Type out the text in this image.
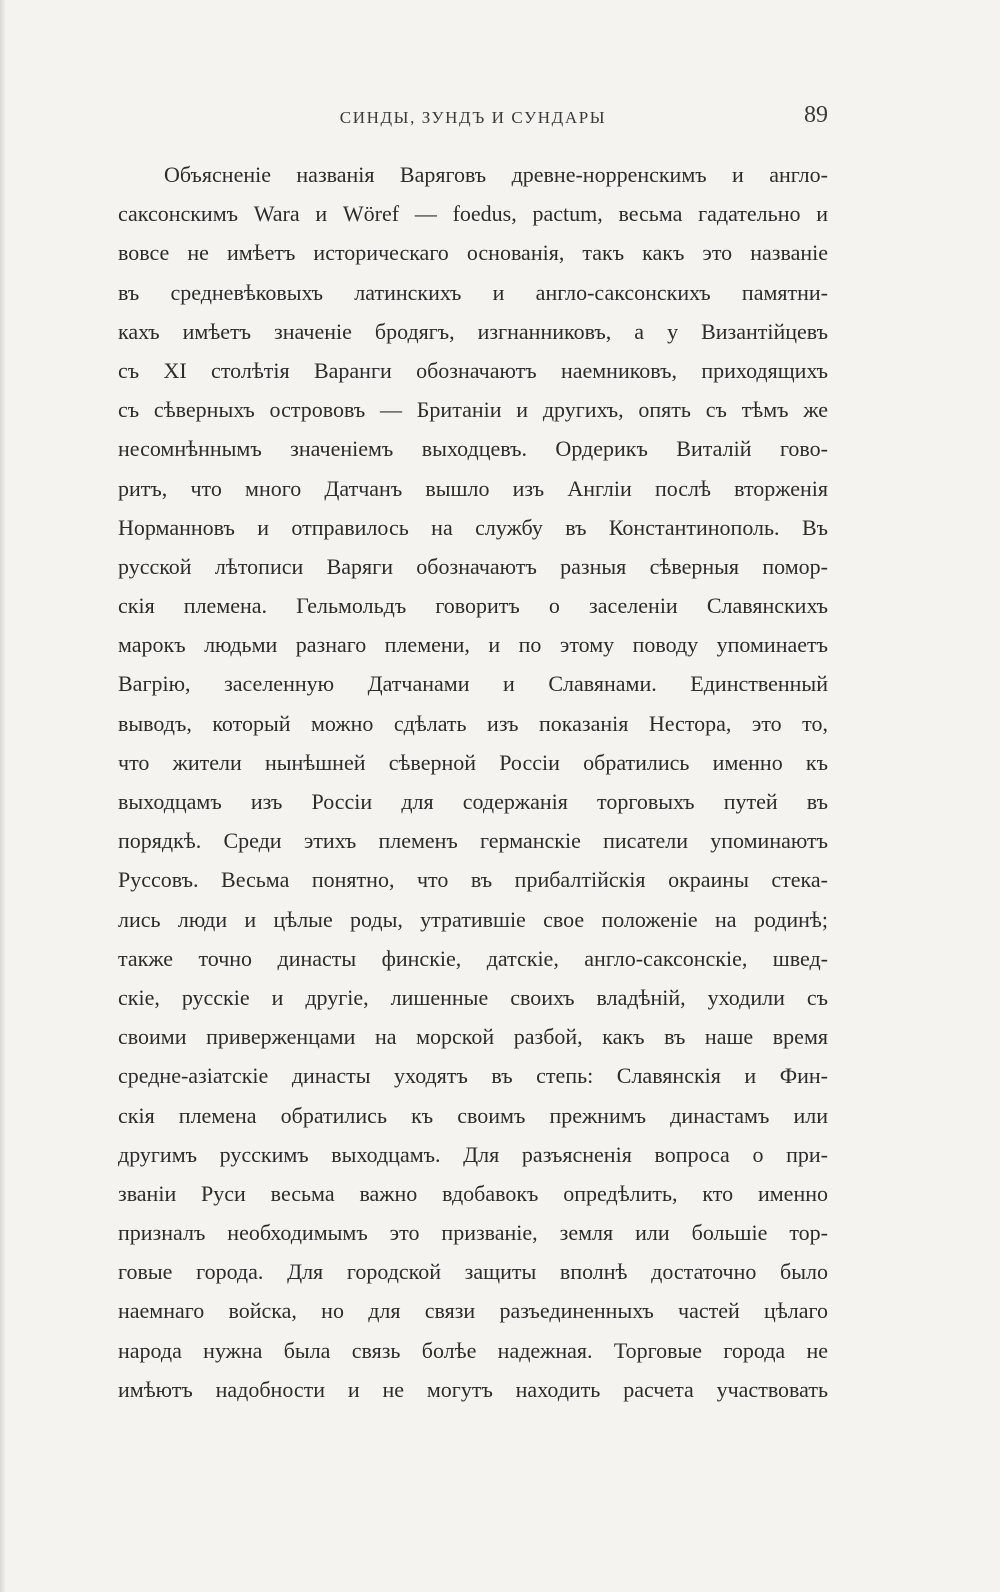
СИНДЫ, ЗУНДЪ И СУНДАРЫ	89
Объясненіе названія Варяговъ древне-норренскимъ и англо-
саксонскимъ Wara и Wöref — foedus, pactum, весьма гадательно и
вовсе не имѣетъ историческаго основанія, такъ какъ это названіе
въ средневѣковыхъ латинскихъ и англо-саксонскихъ памятни-
кахъ имѣетъ значеніе бродягъ, изгнанниковъ, а у Византійцевъ
съ XI столѣтія Варанги обозначаютъ наемниковъ, приходящихъ
съ сѣверныхъ острововъ — Британіи и другихъ, опять съ тѣмъ же
несомнѣннымъ значеніемъ выходцевъ. Ордерикъ Виталій гово-
ритъ, что много Датчанъ вышло изъ Англіи послѣ вторженія
Норманновъ и отправилось на службу въ Константинополь. Въ
русской лѣтописи Варяги обозначаютъ разныя сѣверныя помор-
скія племена. Гельмольдъ говоритъ о заселеніи Славянскихъ
марокъ людьми разнаго племени, и по этому поводу упоминаетъ
Вагрію, заселенную Датчанами и Славянами. Единственный
выводъ, который можно сдѣлать изъ показанія Нестора, это то,
что жители нынѣшней сѣверной Россіи обратились именно къ
выходцамъ изъ Россіи для содержанія торговыхъ путей въ
порядкѣ. Среди этихъ племенъ германскіе писатели упоминаютъ
Руссовъ. Весьма понятно, что въ прибалтійскія окраины стека-
лись люди и цѣлые роды, утратившіе свое положеніе на родинѣ;
также точно династы финскіе, датскіе, англо-саксонскіе, швед-
скіе, русскіе и другіе, лишенные своихъ владѣній, уходили съ
своими приверженцами на морской разбой, какъ въ наше время
средне-азіатскіе династы уходятъ въ степь: Славянскія и Фин-
скія племена обратились къ своимъ прежнимъ династамъ или
другимъ русскимъ выходцамъ. Для разъясненія вопроса о при-
званіи Руси весьма важно вдобавокъ опредѣлить, кто именно
призналъ необходимымъ это призваніе, земля или большіе тор-
говые города. Для городской защиты вполнѣ достаточно было
наемнаго войска, но для связи разъединенныхъ частей цѣлаго
народа нужна была связь болѣе надежная. Торговые города не
имѣютъ надобности и не могутъ находить расчета участвовать
